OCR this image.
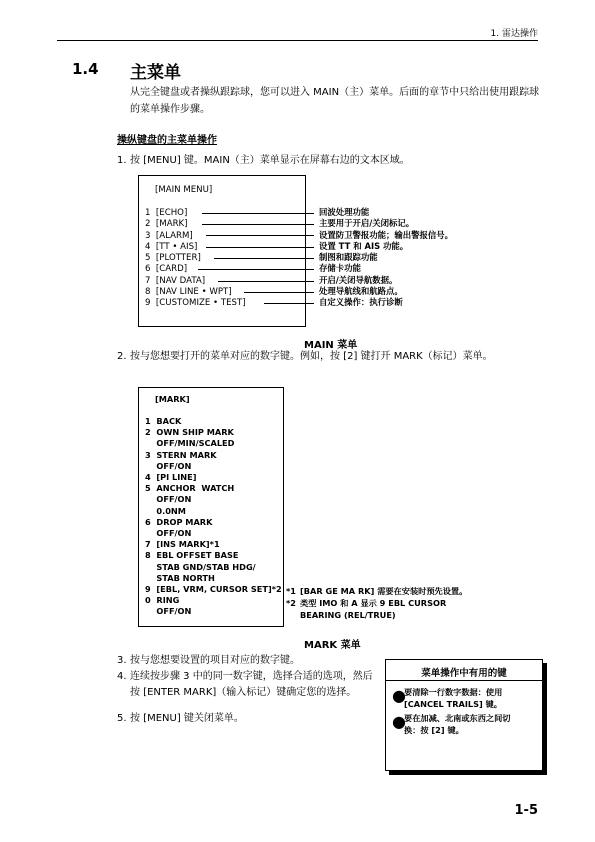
1. 雷达操作
1.4 主菜单
从完全键盘或者操纵跟踪球，您可以进入 MAIN（主）菜单。后面的章节中只给出使用跟踪球的菜单操作步骤。
操纵键盘的主菜单操作
1. 按 [MENU] 键。MAIN（主）菜单显示在屏幕右边的文本区域。
[MAIN MENU]
1  [ECHO]
2  [MARK]
3  [ALARM]
4  [TT • AIS]
5  [PLOTTER]
6  [CARD]
7  [NAV DATA]
8  [NAV LINE • WPT]
9  [CUSTOMIZE • TEST]
回波处理功能
主要用于开启/关闭标记。
设置防卫警报功能；输出警报信号。
设置 TT 和 AIS 功能。
制图和跟踪功能
存储卡功能
开启/关闭导航数据。
处理导航线和航路点。
自定义操作：执行诊断
MAIN 菜单
2. 按与您想要打开的菜单对应的数字键。例如，按 [2] 键打开 MARK（标记）菜单。
[MARK]
1  BACK
2  OWN SHIP MARK
OFF/MIN/SCALED
3  STERN MARK
OFF/ON
4  [PI LINE]
5  ANCHOR  WATCH
OFF/ON
0.0NM
6  DROP MARK
OFF/ON
7  [INS MARK]*1
8  EBL OFFSET BASE
STAB GND/STAB HDG/
STAB NORTH
9  [EBL, VRM, CURSOR SET]*2
0  RING
OFF/ON
*1 [BAR GE MA RK] 需要在安装时预先设置。
*2 类型 IMO 和 A 显示 9 EBL CURSOR BEARING (REL/TRUE)
MARK 菜单
3. 按与您想要设置的项目对应的数字键。
4. 连续按步骤 3 中的同一数字键，选择合适的选项，然后按 [ENTER MARK]（输入标记）键确定您的选择。
5. 按 [MENU] 键关闭菜单。
菜单操作中有用的键
●
要清除一行数字数据：使用 [CANCEL TRAILS] 键。
●
要在加减、北南或东西之间切换：按 [2] 键。
1-5
